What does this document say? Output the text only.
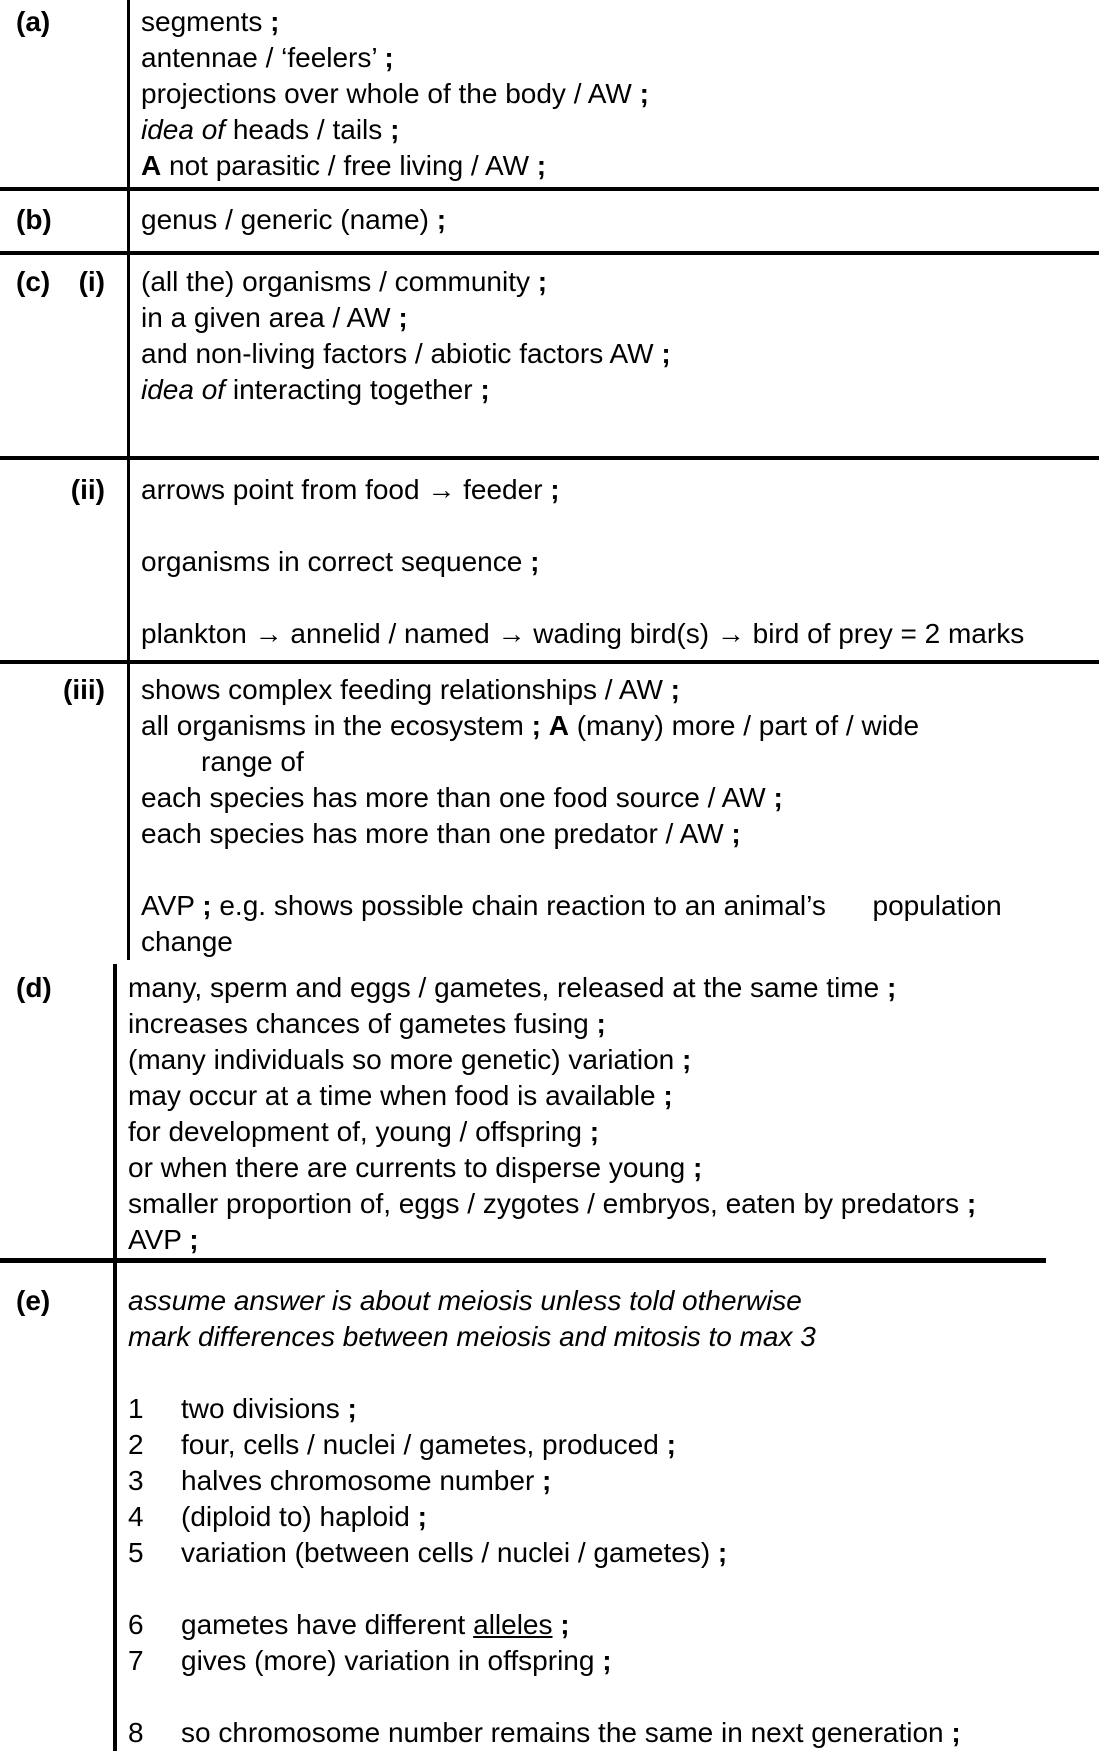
(a)	segments ;
antennae / ‘feelers’ ;
projections over whole of the body / AW ;
idea of heads / tails ;
A not parasitic / free living / AW ;
(b)	genus / generic (name) ;
(c) (i) (all the) organisms / community ;
in a given area / AW ;
and non-living factors / abiotic factors AW ;
idea of interacting together ;
(ii) arrows point from food → feeder ;

organisms in correct sequence ;

plankton → annelid / named → wading bird(s) → bird of prey = 2 marks
(iii) shows complex feeding relationships / AW ;
all organisms in the ecosystem ; A (many) more / part of / wide
range of
each species has more than one food source / AW ;
each species has more than one predator / AW ;

AVP ; e.g. shows possible chain reaction to an animal’s      population
change
(d)	many, sperm and eggs / gametes, released at the same time ;
increases chances of gametes fusing ;
(many individuals so more genetic) variation ;
may occur at a time when food is available ;
for development of, young / offspring ;
or when there are currents to disperse young ;
smaller proportion of, eggs / zygotes / embryos, eaten by predators ;
AVP ;
(e)	assume answer is about meiosis unless told otherwise
mark differences between meiosis and mitosis to max 3

1 two divisions ;
2 four, cells / nuclei / gametes, produced ;
3 halves chromosome number ;
4 (diploid to) haploid ;
5 variation (between cells / nuclei / gametes) ;

6 gametes have different alleles ;
7 gives (more) variation in offspring ;

8 so chromosome number remains the same in next generation ;
